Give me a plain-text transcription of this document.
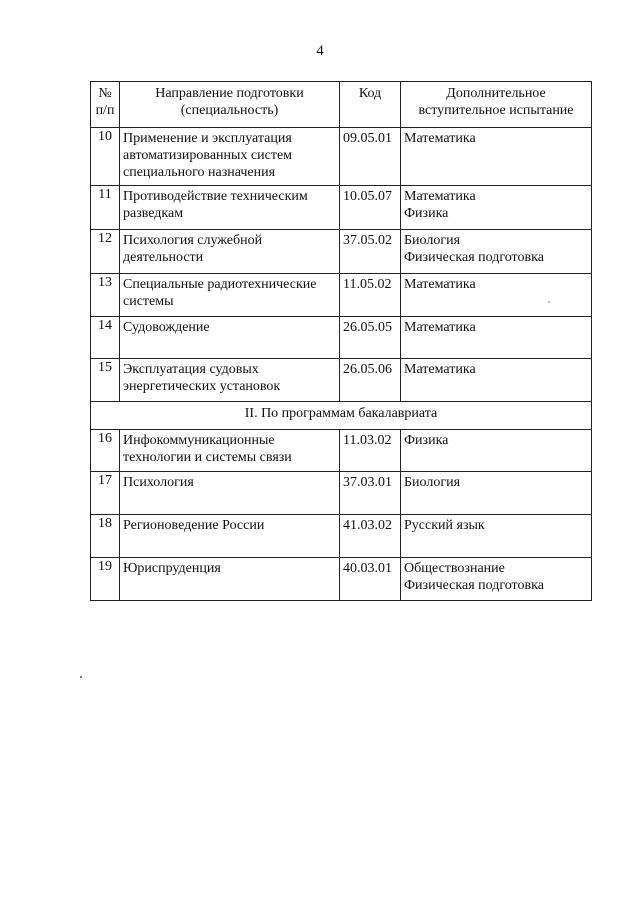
4
№
п/п	Направление подготовки
(специальность)	Код	Дополнительное
вступительное испытание

10	Применение и эксплуатация
автоматизированных систем
специального назначения	09.05.01	Математика

11	Противодействие техническим
разведкам	10.05.07	Математика
Физика

12	Психология служебной
деятельности	37.05.02	Биология
Физическая подготовка

13	Специальные радиотехнические
системы	11.05.02	Математика

14	Судовождение	26.05.05	Математика

15	Эксплуатация судовых
энергетических установок	26.05.06	Математика

II. По программам бакалавриата			
16	Инфокоммуникационные
технологии и системы связи	11.03.02	Физика

17	Психология	37.03.01	Биология

18	Регионоведение России	41.03.02	Русский язык

19	Юриспруденция	40.03.01	Обществознание
Физическая подготовка
